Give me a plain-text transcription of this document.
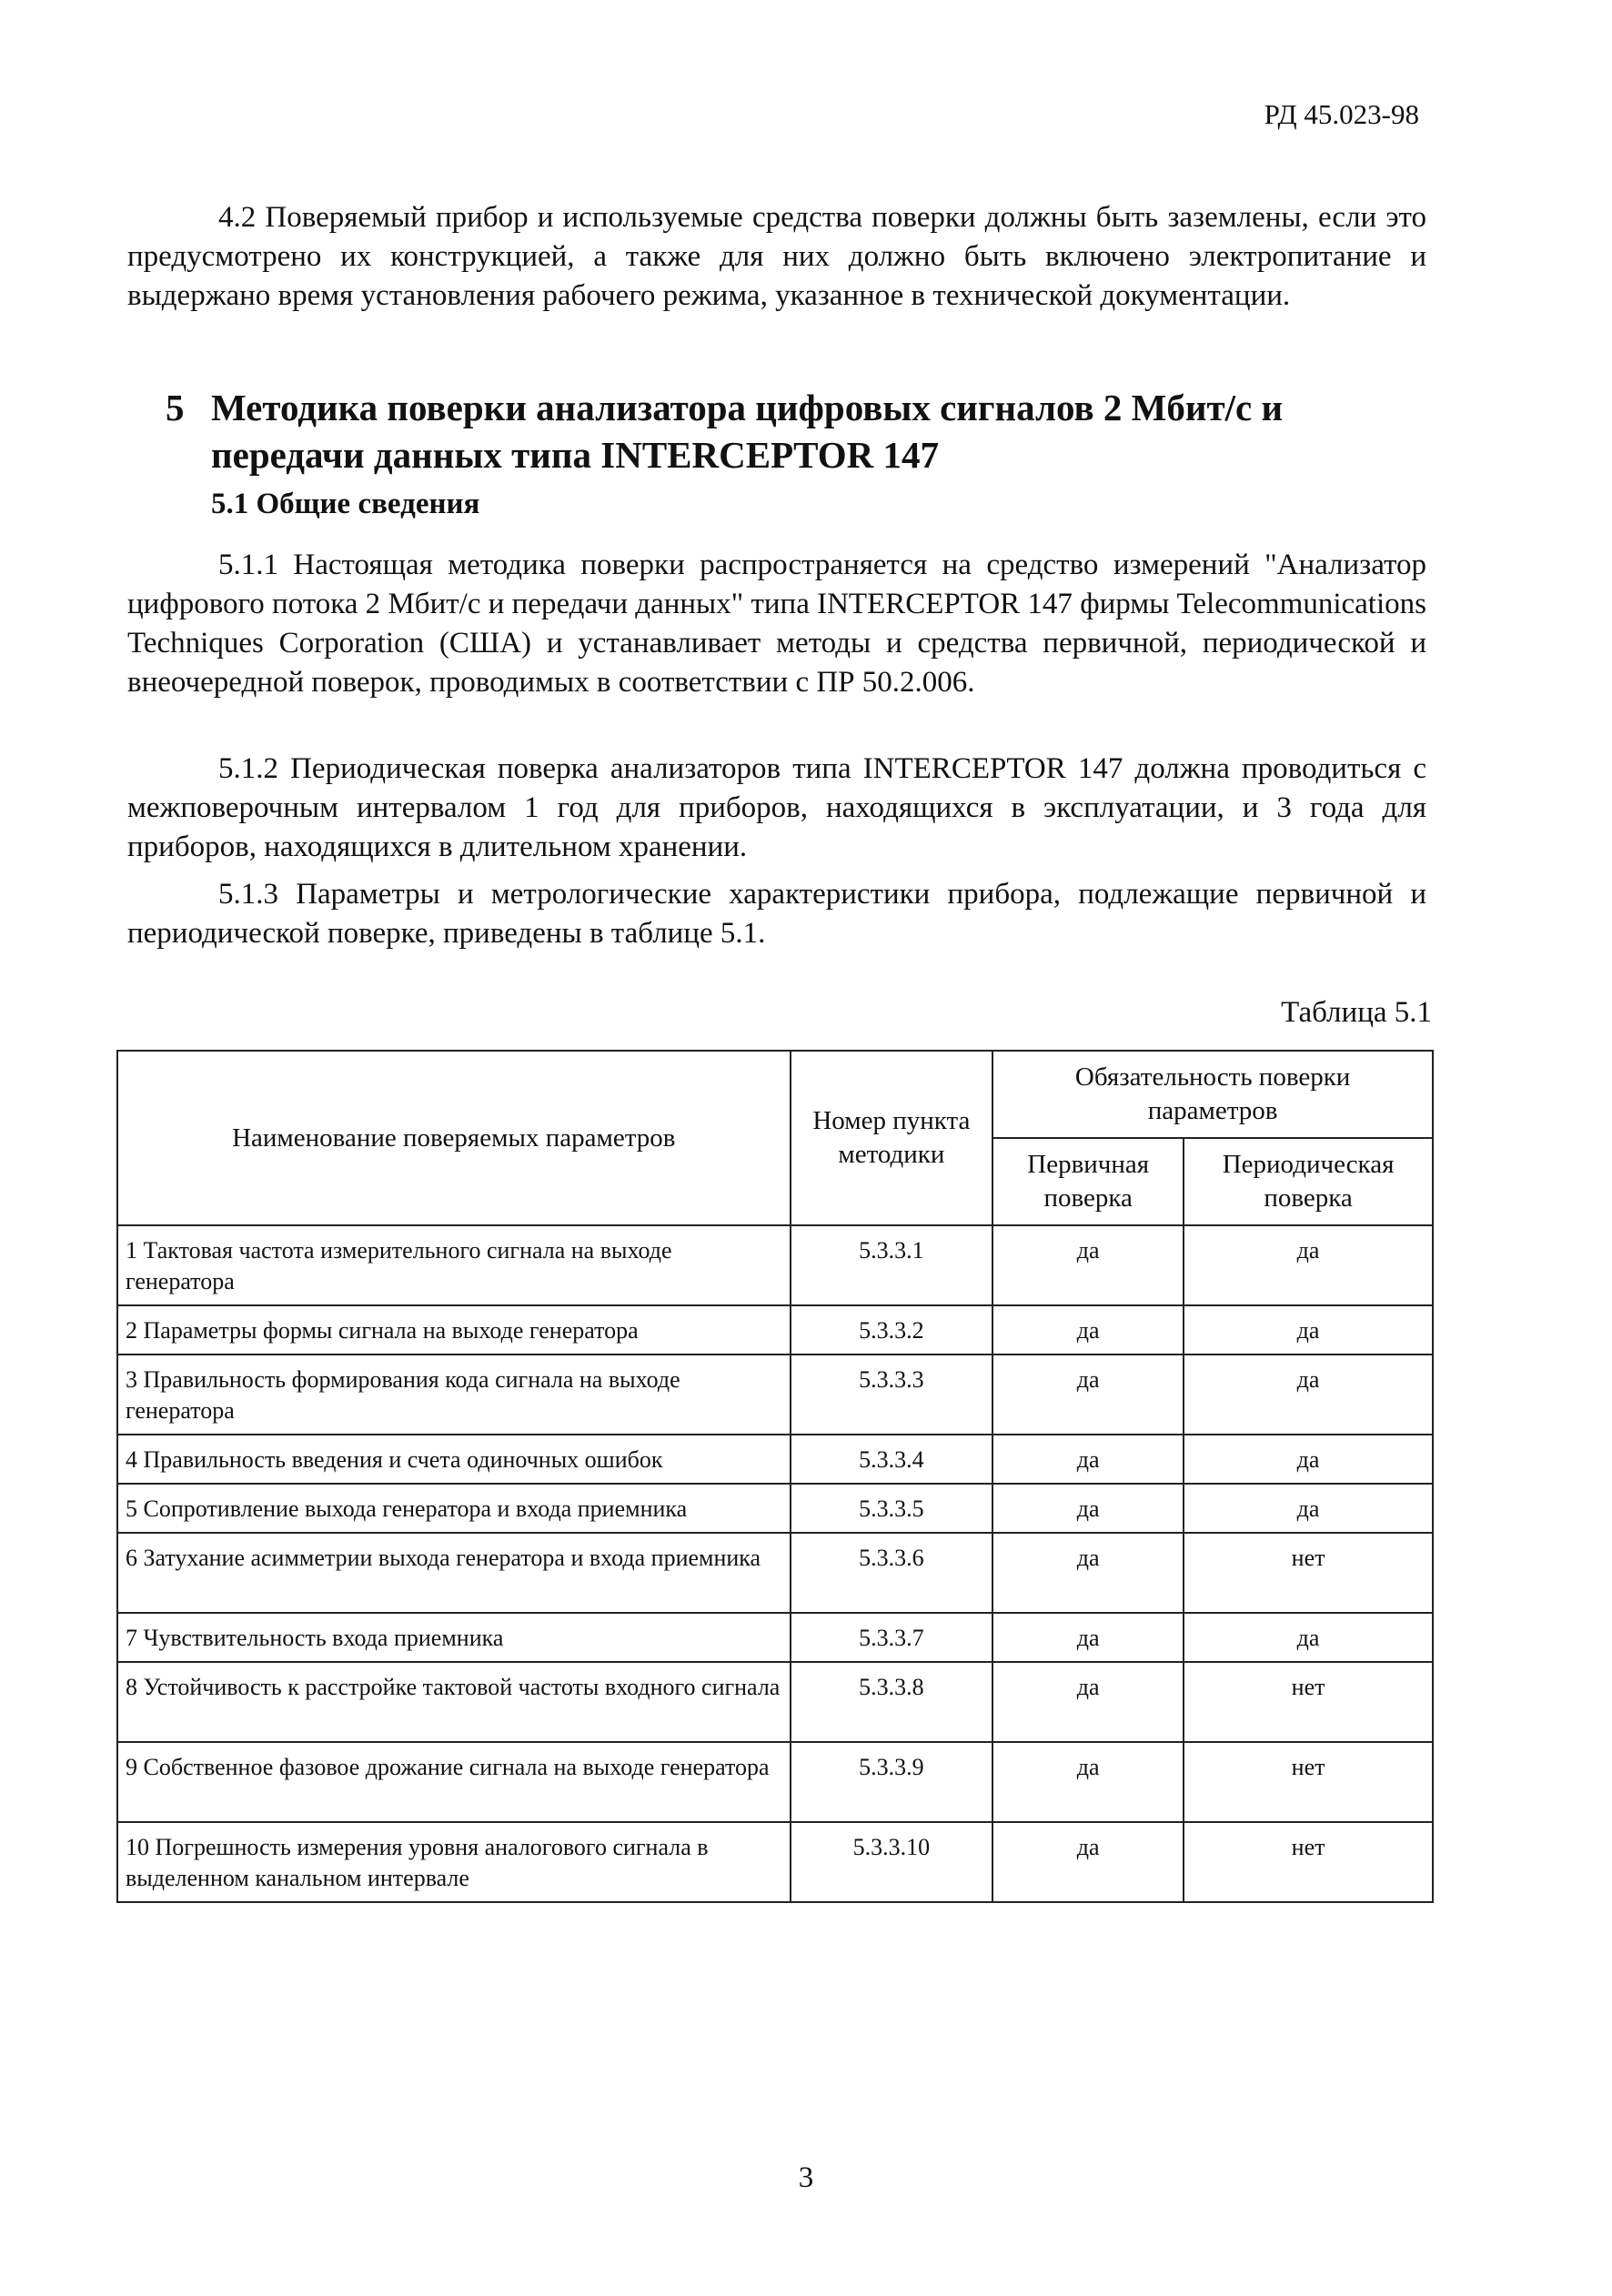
РД 45.023-98

4.2 Поверяемый прибор и используемые средства поверки должны быть заземлены, если это предусмотрено их конструкцией, а также для них должно быть включено электропитание и выдержано время установления рабочего режима, указанное в технической документации.

5 Методика поверки анализатора цифровых сигналов 2 Мбит/с и передачи данных типа INTERCEPTOR 147
5.1 Общие сведения

5.1.1 Настоящая методика поверки распространяется на средство измерений "Анализатор цифрового потока 2 Мбит/с и передачи данных" типа INTERCEPTOR 147 фирмы Telecommunications Techniques Corporation (США) и устанавливает методы и средства первичной, периодической и внеочередной поверок, проводимых в соответствии с ПР 50.2.006.

5.1.2 Периодическая поверка анализаторов типа INTERCEPTOR 147 должна проводиться с межповерочным интервалом 1 год для приборов, находящихся в эксплуатации, и 3 года для приборов, находящихся в длительном хранении.

5.1.3 Параметры и метрологические характеристики прибора, подлежащие первичной и периодической поверке, приведены в таблице 5.1.

Таблица 5.1
Наименование поверяемых параметров	Номер пункта методики	Обязательность поверки параметров	
		Первичная поверка	Периодическая поверка
1 Тактовая частота измерительного сигнала на выходе генератора	5.3.3.1	да	да
2 Параметры формы сигнала на выходе генератора	5.3.3.2	да	да
3 Правильность формирования кода сигнала на выходе генератора	5.3.3.3	да	да
4 Правильность введения и счета одиночных ошибок	5.3.3.4	да	да
5 Сопротивление выхода генератора и входа приемника	5.3.3.5	да	да
6 Затухание асимметрии выхода генератора и входа приемника	5.3.3.6	да	нет
7 Чувствительность входа приемника	5.3.3.7	да	да
8 Устойчивость к расстройке тактовой частоты входного сигнала	5.3.3.8	да	нет
9 Собственное фазовое дрожание сигнала на выходе генератора	5.3.3.9	да	нет
10 Погрешность измерения уровня аналогового сигнала в выделенном канальном интервале	5.3.3.10	да	нет
3
